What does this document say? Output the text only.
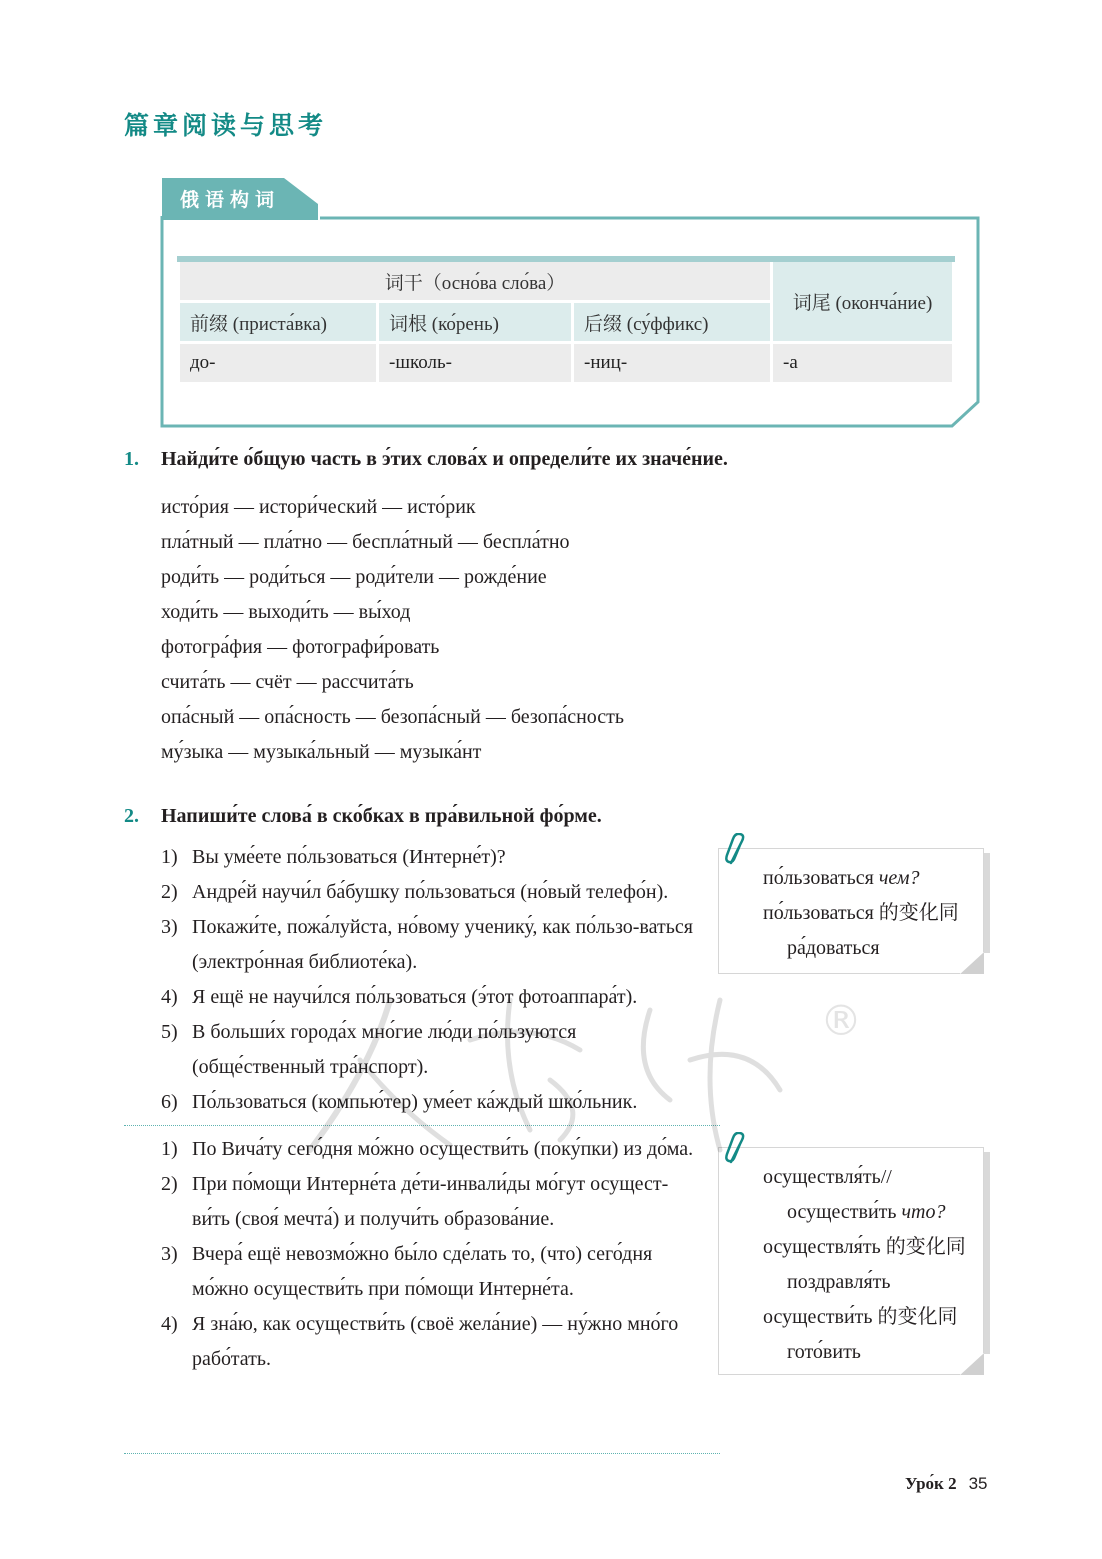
篇章阅读与思考
俄语构词
词干（осно́ва сло́ва）			词尾 (оконча́ние)
前缀 (приста́вка)	词根 (ко́рень)	后缀 (су́ффикс)	
до-	-школь-	-ниц-	-а
1. Найди́те о́бщую часть в э́тих слова́х и определи́те их значе́ние.
исто́рия — истори́ческий — исто́рик
пла́тный — пла́тно — беспла́тный — беспла́тно
роди́ть — роди́ться — роди́тели — рожде́ние
ходи́ть — выходи́ть — вы́ход
фотогра́фия — фотографи́ровать
счита́ть — счёт — рассчита́ть
опа́сный — опа́сность — безопа́сный — безопа́сность
му́зыка — музыка́льный — музыка́нт
2. Напиши́те слова́ в ско́бках в пра́вильной фо́рме.
1) Вы уме́ете по́льзоваться (Интерне́т)?
2) Андре́й научи́л ба́бушку по́льзоваться (но́вый телефо́н).
3) Покажи́те, пожа́луйста, но́вому ученику́, как по́льзо-ваться (электро́нная библиоте́ка).
4) Я ещё не научи́лся по́льзоваться (э́тот фотоаппара́т).
5) В больши́х города́х мно́гие лю́ди по́льзуются (обще́ственный тра́нспорт).
6) По́льзоваться (компью́тер) уме́ет ка́ждый шко́льник.
1) По Вича́ту сего́дня мо́жно осуществи́ть (поку́пки) из до́ма.
2) При по́мощи Интерне́та де́ти-инвали́ды мо́гут осущест-ви́ть (своя́ мечта́) и получи́ть образова́ние.
3) Вчера́ ещё невозмо́жно бы́ло сде́лать то, (что) сего́дня мо́жно осуществи́ть при по́мощи Интерне́та.
4) Я зна́ю, как осуществи́ть (своё жела́ние) — ну́жно мно́го рабо́тать.
по́льзоваться чем?
по́льзоваться 的变化同
ра́доваться
осуществля́ть//
осуществи́ть что?
осуществля́ть 的变化同
поздравля́ть
осуществи́ть 的变化同
гото́вить
®
Уро́к 2 35
